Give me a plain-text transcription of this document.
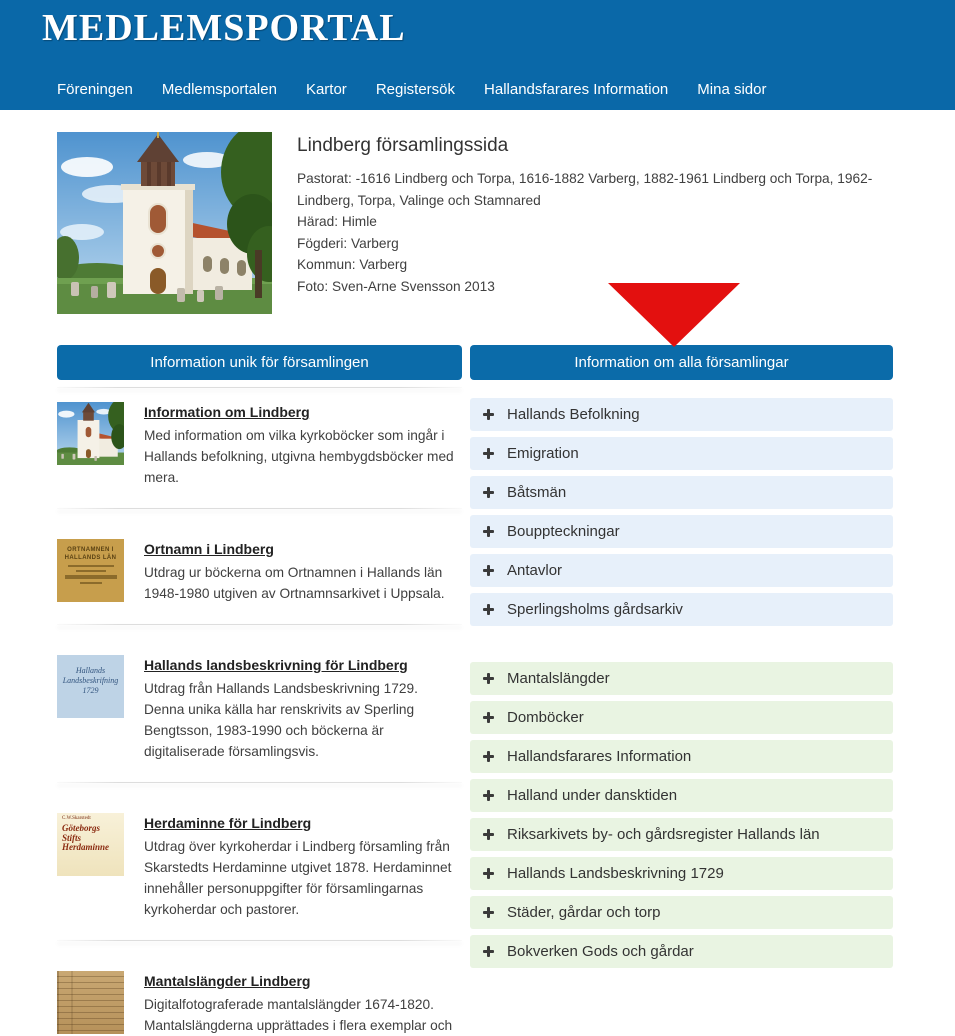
MEDLEMSPORTAL
Föreningen Medlemsportalen Kartor Registersök Hallandsfarares Information Mina sidor
Lindberg församlingssida
Pastorat: -1616 Lindberg och Torpa, 1616-1882 Varberg, 1882-1961 Lindberg och Torpa, 1962- Lindberg, Torpa, Valinge och Stamnared
Härad: Himle
Fögderi: Varberg
Kommun: Varberg
Foto: Sven-Arne Svensson 2013
Information unik för församlingen
Information om Lindberg
Med information om vilka kyrkoböcker som ingår i Hallands befolkning, utgivna hembygdsböcker med mera.
ORTNAMNEN I
HALLANDS LÄN
Ortnamn i Lindberg
Utdrag ur böckerna om Ortnamnen i Hallands län 1948-1980 utgiven av Ortnamnsarkivet i Uppsala.
Hallands
Landsbeskrifning
1729
Hallands landsbeskrivning för Lindberg
Utdrag från Hallands Landsbeskrivning 1729. Denna unika källa har renskrivits av Sperling Bengtsson, 1983-1990 och böckerna är digitaliserade församlingsvis.
C.W.Skarstedt
Göteborgs
Stifts
Herdaminne
Herdaminne för Lindberg
Utdrag över kyrkoherdar i Lindberg församling från Skarstedts Herdaminne utgivet 1878. Herdaminnet innehåller personuppgifter för församlingarnas kyrkoherdar och pastorer.
Mantalslängder Lindberg
Digitalfotograferade mantalslängder 1674-1820. Mantalslängderna upprättades i flera exemplar och
Information om alla församlingar
Hallands Befolkning
Emigration
Båtsmän
Bouppteckningar
Antavlor
Sperlingsholms gårdsarkiv
Mantalslängder
Domböcker
Hallandsfarares Information
Halland under dansktiden
Riksarkivets by- och gårdsregister Hallands län
Hallands Landsbeskrivning 1729
Städer, gårdar och torp
Bokverken Gods och gårdar
